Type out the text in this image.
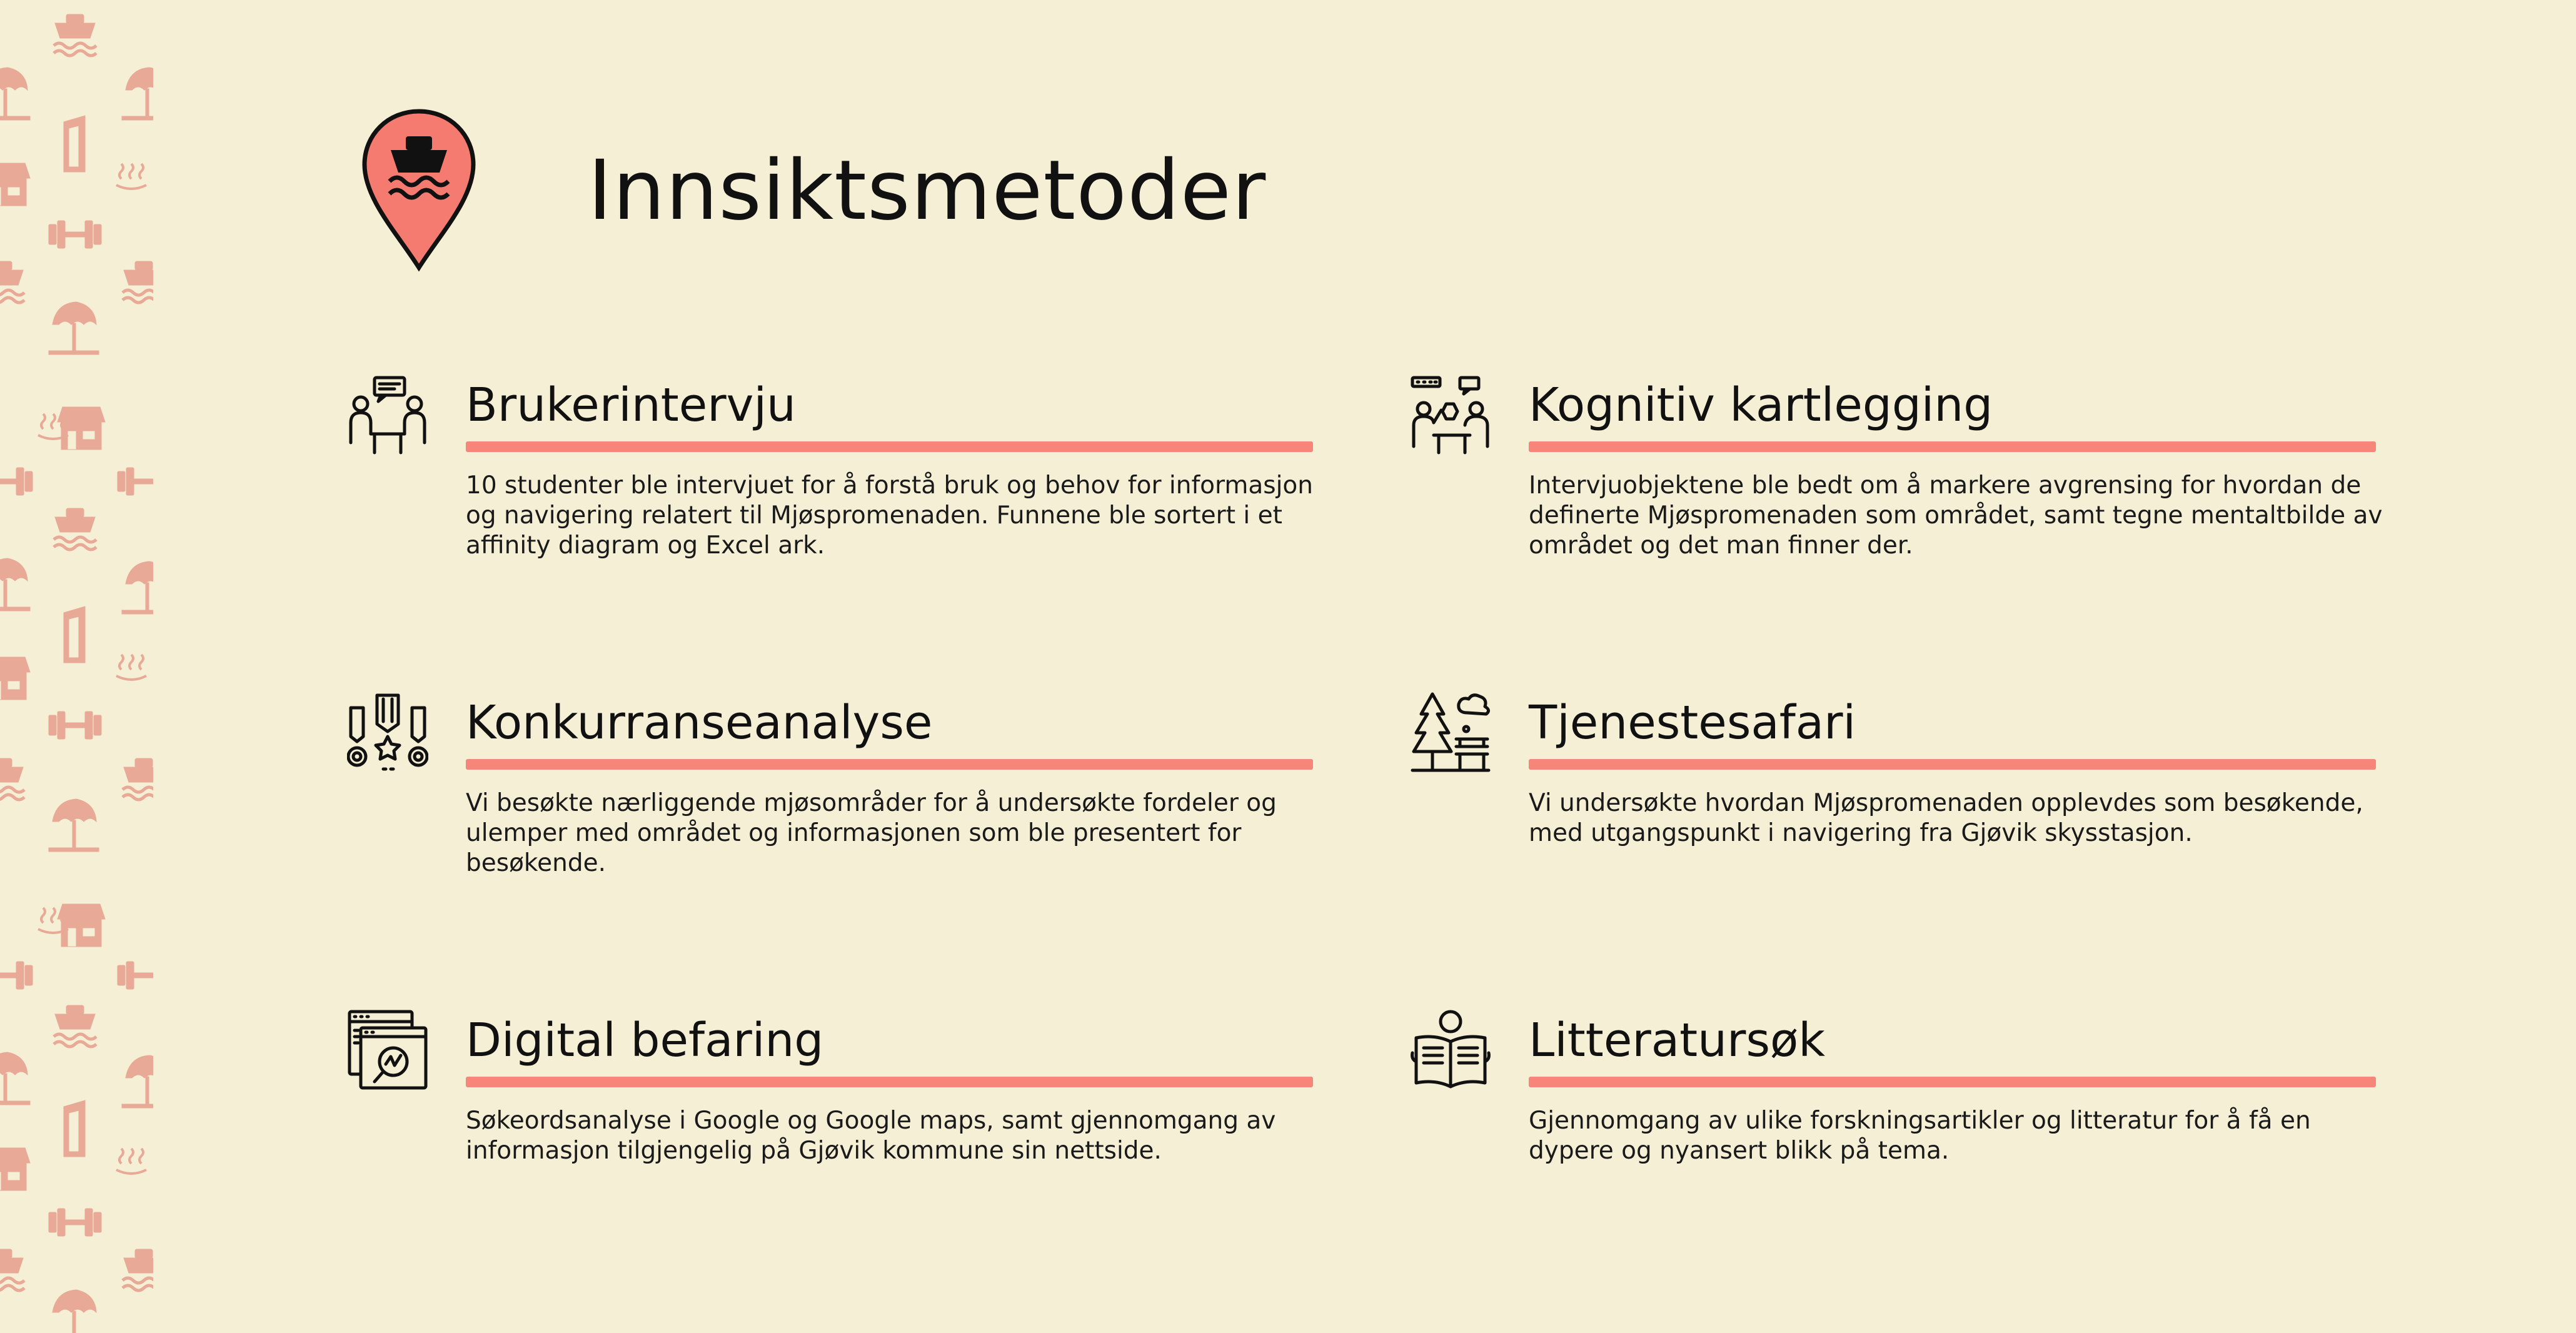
Innsiktsmetoder
Brukerintervju

10 studenter ble intervjuet for å forstå bruk og behov for informasjon og navigering relatert til Mjøspromenaden. Funnene ble sortert i et affinity diagram og Excel ark.

Kognitiv kartlegging

Intervjuobjektene ble bedt om å markere avgrensing for hvordan de definerte Mjøspromenaden som området, samt tegne mentaltbilde av området og det man finner der.

Konkurranseanalyse

Vi besøkte nærliggende mjøsområder for å undersøkte fordeler og ulemper med området og informasjonen som ble presentert for besøkende.

Tjenestesafari

Vi undersøkte hvordan Mjøspromenaden opplevdes som besøkende, med utgangspunkt i navigering fra Gjøvik skysstasjon.

Digital befaring

Søkeordsanalyse i Google og Google maps, samt gjennomgang av informasjon tilgjengelig på Gjøvik kommune sin nettside.

Litteratursøk

Gjennomgang av ulike forskningsartikler og litteratur for å få en dypere og nyansert blikk på tema.
